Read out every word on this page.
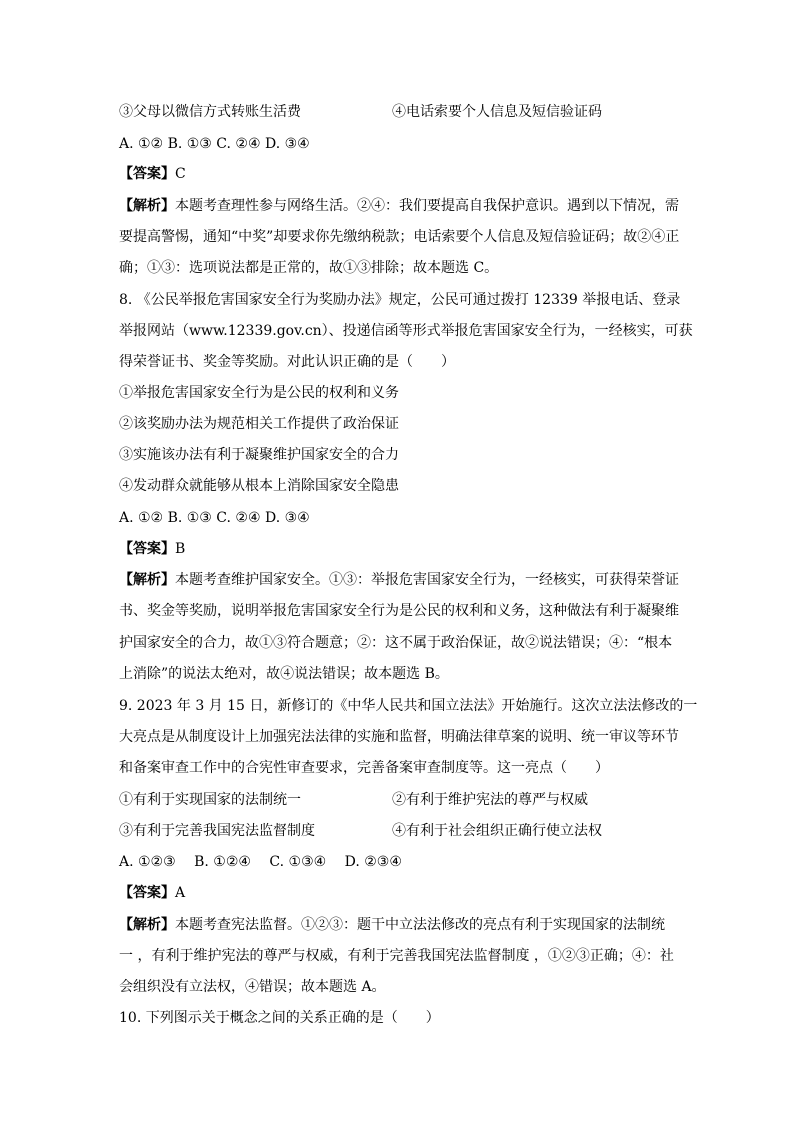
③父母以微信方式转账生活费	④电话索要个人信息及短信验证码
A. ①② B. ①③ C. ②④ D. ③④
【答案】C
【解析】本题考查理性参与网络生活。②④：我们要提高自我保护意识。遇到以下情况，需
要提高警惕，通知“中奖”却要求你先缴纳税款；电话索要个人信息及短信验证码；故②④正
确；①③：选项说法都是正常的，故①③排除；故本题选 C。
8. 《公民举报危害国家安全行为奖励办法》规定，公民可通过拨打 12339 举报电话、登录
举报网站（www.12339.gov.cn）、投递信函等形式举报危害国家安全行为，一经核实，可获
得荣誉证书、奖金等奖励。对此认识正确的是（　　）
①举报危害国家安全行为是公民的权利和义务
②该奖励办法为规范相关工作提供了政治保证
③实施该办法有利于凝聚维护国家安全的合力
④发动群众就能够从根本上消除国家安全隐患
A. ①② B. ①③ C. ②④ D. ③④
【答案】B
【解析】本题考查维护国家安全。①③：举报危害国家安全行为，一经核实，可获得荣誉证
书、奖金等奖励，说明举报危害国家安全行为是公民的权利和义务，这种做法有利于凝聚维
护国家安全的合力，故①③符合题意；②：这不属于政治保证，故②说法错误；④：“根本
上消除”的说法太绝对，故④说法错误；故本题选 B。
9. 2023 年 3 月 15 日，新修订的《中华人民共和国立法法》开始施行。这次立法法修改的一
大亮点是从制度设计上加强宪法法律的实施和监督，明确法律草案的说明、统一审议等环节
和备案审查工作中的合宪性审查要求，完善备案审查制度等。这一亮点（　　）
①有利于实现国家的法制统一	②有利于维护宪法的尊严与权威
③有利于完善我国宪法监督制度	④有利于社会组织正确行使立法权
A. ①②③　 B. ①②④　 C. ①③④　 D. ②③④
【答案】A
【解析】本题考查宪法监督。①②③：题干中立法法修改的亮点有利于实现国家的法制统
一 ，有利于维护宪法的尊严与权威，有利于完善我国宪法监督制度 ，①②③正确；④：社
会组织没有立法权，④错误；故本题选 A。
10. 下列图示关于概念之间的关系正确的是（　　）
